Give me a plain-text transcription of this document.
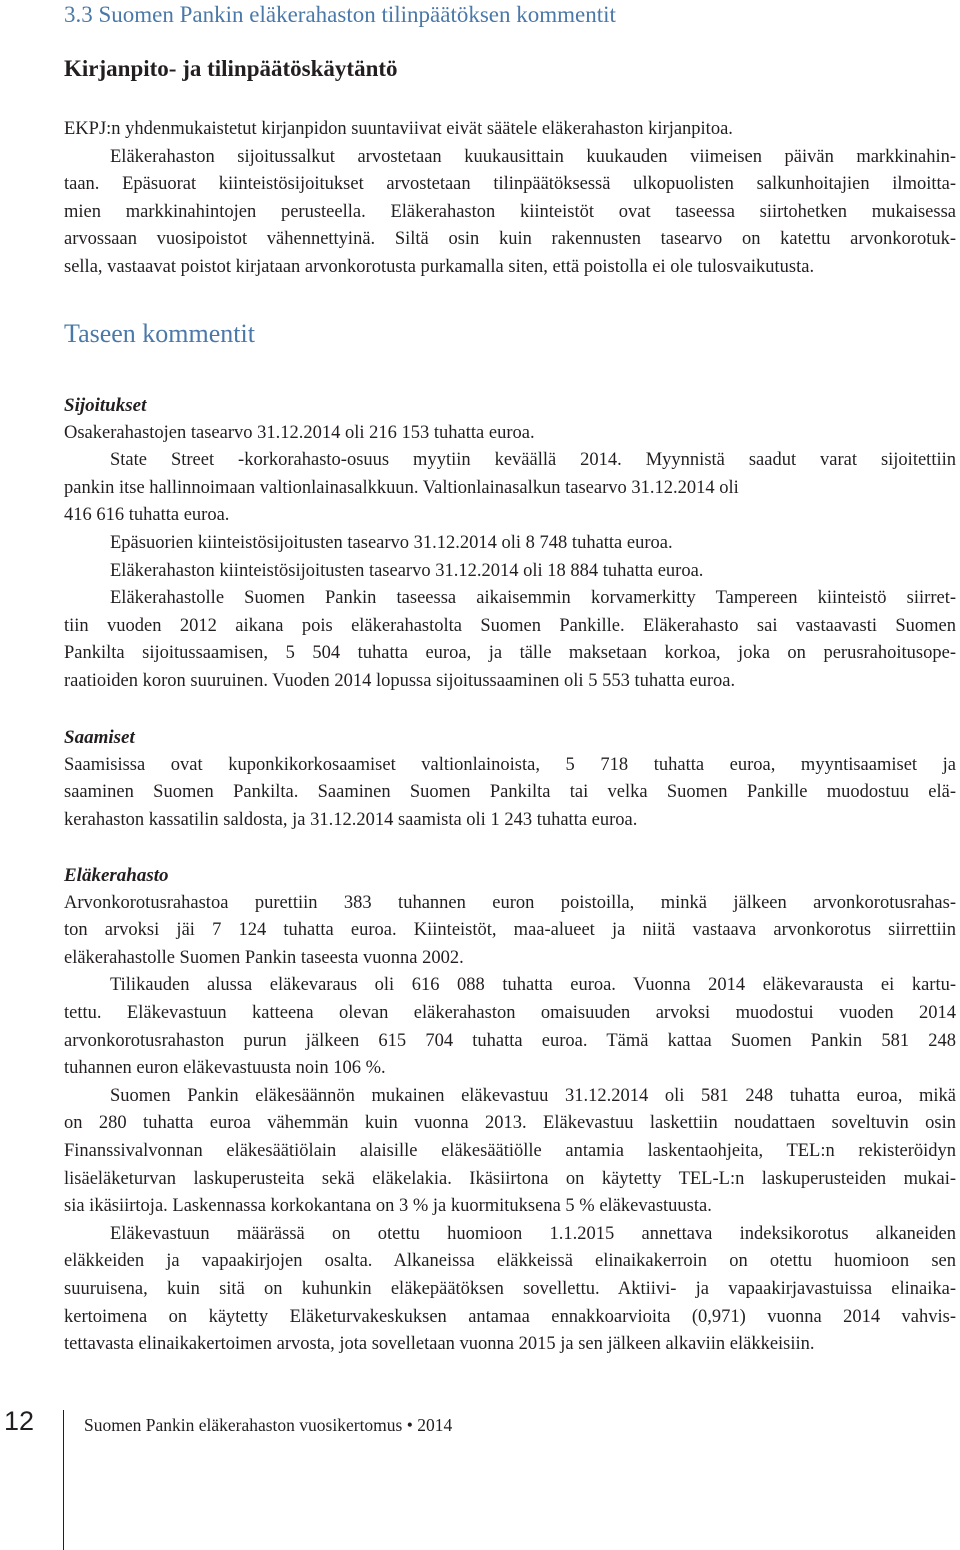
3.3 Suomen Pankin eläkerahaston tilinpäätöksen kommentit
Kirjanpito- ja tilinpäätöskäytäntö
EKPJ:n yhdenmukaistetut kirjanpidon suuntaviivat eivät säätele eläkerahaston kirjanpitoa.
Eläkerahaston sijoitussalkut arvostetaan kuukausittain kuukauden viimeisen päivän markkinahin-
taan. Epäsuorat kiinteistösijoitukset arvostetaan tilinpäätöksessä ulkopuolisten salkunhoitajien ilmoitta-
mien markkinahintojen perusteella. Eläkerahaston kiinteistöt ovat taseessa siirtohetken mukaisessa
arvossaan vuosipoistot vähennettyinä. Siltä osin kuin rakennusten tasearvo on katettu arvonkorotuk-
sella, vastaavat poistot kirjataan arvonkorotusta purkamalla siten, että poistolla ei ole tulosvaikutusta.
Taseen kommentit
Sijoitukset
Osakerahastojen tasearvo 31.12.2014 oli 216 153 tuhatta euroa.
State Street -korkorahasto-osuus myytiin keväällä 2014. Myynnistä saadut varat sijoitettiin
pankin itse hallinnoimaan valtionlainasalkkuun. Valtionlainasalkun tasearvo 31.12.2014 oli
416 616 tuhatta euroa.
Epäsuorien kiinteistösijoitusten tasearvo 31.12.2014 oli 8 748 tuhatta euroa.
Eläkerahaston kiinteistösijoitusten tasearvo 31.12.2014 oli 18 884 tuhatta euroa.
Eläkerahastolle Suomen Pankin taseessa aikaisemmin korvamerkitty Tampereen kiinteistö siirret-
tiin vuoden 2012 aikana pois eläkerahastolta Suomen Pankille. Eläkerahasto sai vastaavasti Suomen
Pankilta sijoitussaamisen, 5 504 tuhatta euroa, ja tälle maksetaan korkoa, joka on perusrahoitusope-
raatioiden koron suuruinen. Vuoden 2014 lopussa sijoitussaaminen oli 5 553 tuhatta euroa.
Saamiset
Saamisissa ovat kuponkikorkosaamiset valtionlainoista, 5 718 tuhatta euroa, myyntisaamiset ja
saaminen Suomen Pankilta. Saaminen Suomen Pankilta tai velka Suomen Pankille muodostuu elä-
kerahaston kassatilin saldosta, ja 31.12.2014 saamista oli 1 243 tuhatta euroa.
Eläkerahasto
Arvonkorotusrahastoa purettiin 383 tuhannen euron poistoilla, minkä jälkeen arvonkorotusrahas-
ton arvoksi jäi 7 124 tuhatta euroa. Kiinteistöt, maa-alueet ja niitä vastaava arvonkorotus siirrettiin
eläkerahastolle Suomen Pankin taseesta vuonna 2002.
Tilikauden alussa eläkevaraus oli 616 088 tuhatta euroa. Vuonna 2014 eläkevarausta ei kartu-
tettu. Eläkevastuun katteena olevan eläkerahaston omaisuuden arvoksi muodostui vuoden 2014
arvonkorotusrahaston purun jälkeen 615 704 tuhatta euroa. Tämä kattaa Suomen Pankin 581 248
tuhannen euron eläkevastuusta noin 106 %.
Suomen Pankin eläkesäännön mukainen eläkevastuu 31.12.2014 oli 581 248 tuhatta euroa, mikä
on 280 tuhatta euroa vähemmän kuin vuonna 2013. Eläkevastuu laskettiin noudattaen soveltuvin osin
Finanssivalvonnan eläkesäätiölain alaisille eläkesäätiölle antamia laskentaohjeita, TEL:n rekisteröidyn
lisäeläketurvan laskuperusteita sekä eläkelakia. Ikäsiirtona on käytetty TEL-L:n laskuperusteiden mukai-
sia ikäsiirtoja. Laskennassa korkokantana on 3 % ja kuormituksena 5 % eläkevastuusta.
Eläkevastuun määrässä on otettu huomioon 1.1.2015 annettava indeksikorotus alkaneiden
eläkkeiden ja vapaakirjojen osalta. Alkaneissa eläkkeissä elinaikakerroin on otettu huomioon sen
suuruisena, kuin sitä on kuhunkin eläkepäätöksen sovellettu. Aktiivi- ja vapaakirjavastuissa elinaika-
kertoimena on käytetty Eläketurvakeskuksen antamaa ennakkoarvioita (0,971) vuonna 2014 vahvis-
tettavasta elinaikakertoimen arvosta, jota sovelletaan vuonna 2015 ja sen jälkeen alkaviin eläkkeisiin.
12	Suomen Pankin eläkerahaston vuosikertomus • 2014
